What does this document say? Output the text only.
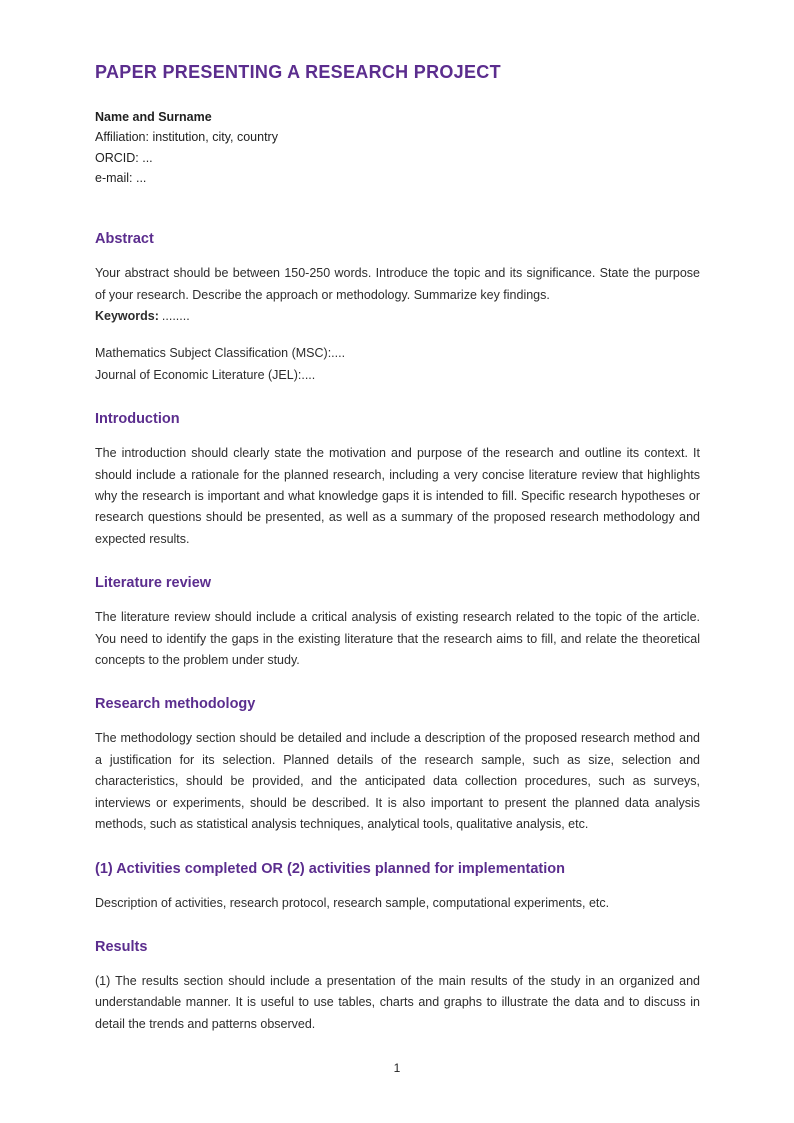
PAPER PRESENTING A RESEARCH PROJECT

Name and Surname

Affiliation: institution, city, country

ORCID: ...

e-mail: ...

Abstract

Your abstract should be between 150-250 words. Introduce the topic and its significance. State the purpose of your research. Describe the approach or methodology. Summarize key findings.

Keywords: ........

Mathematics Subject Classification (MSC):....

Journal of Economic Literature (JEL):....

Introduction

The introduction should clearly state the motivation and purpose of the research and outline its context. It should include a rationale for the planned research, including a very concise literature review that highlights why the research is important and what knowledge gaps it is intended to fill. Specific research hypotheses or research questions should be presented, as well as a summary of the proposed research methodology and expected results.

Literature review

The literature review should include a critical analysis of existing research related to the topic of the article. You need to identify the gaps in the existing literature that the research aims to fill, and relate the theoretical concepts to the problem under study.

Research methodology

The methodology section should be detailed and include a description of the proposed research method and a justification for its selection. Planned details of the research sample, such as size, selection and characteristics, should be provided, and the anticipated data collection procedures, such as surveys, interviews or experiments, should be described. It is also important to present the planned data analysis methods, such as statistical analysis techniques, analytical tools, qualitative analysis, etc.

(1) Activities completed OR (2) activities planned for implementation

Description of activities, research protocol, research sample, computational experiments, etc.

Results

(1) The results section should include a presentation of the main results of the study in an organized and understandable manner. It is useful to use tables, charts and graphs to illustrate the data and to discuss in detail the trends and patterns observed.

1
